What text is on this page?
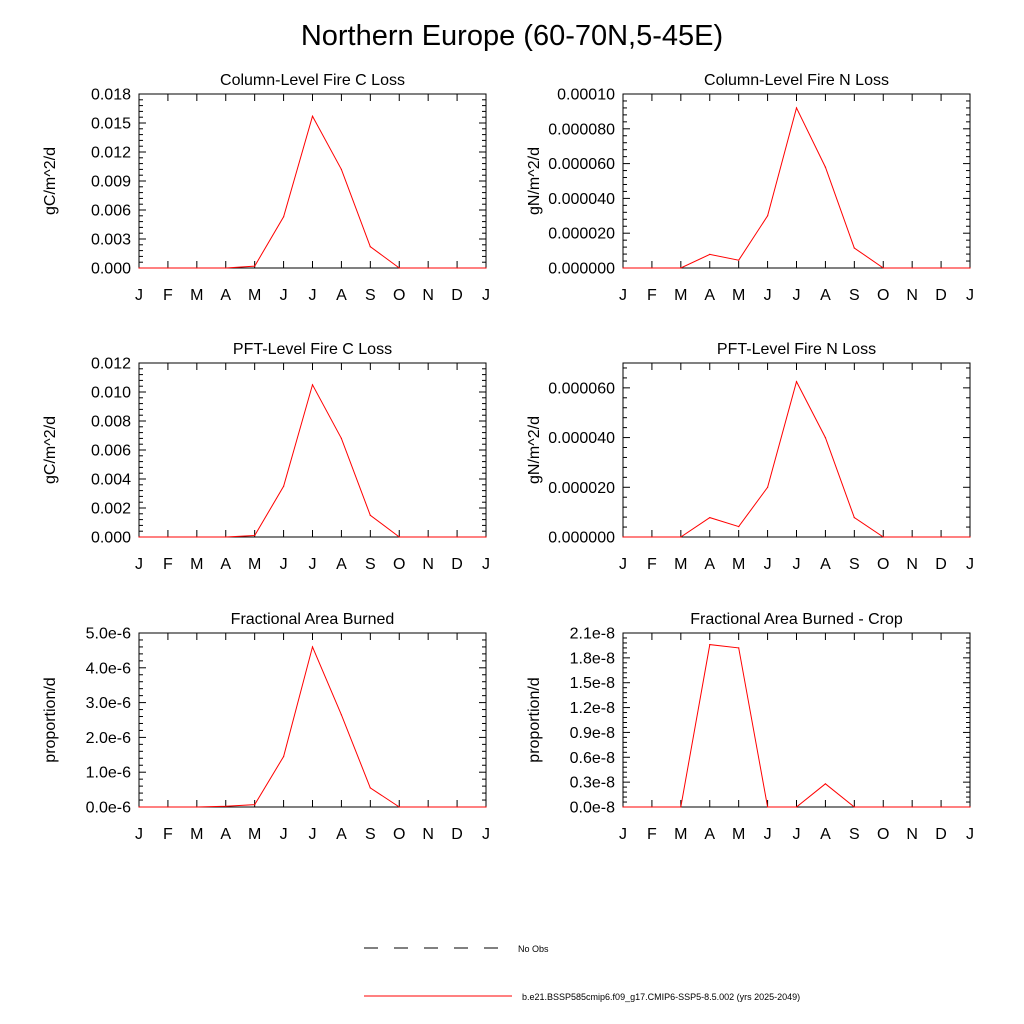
Northern Europe (60-70N,5-45E)
Column-Level Fire C Loss
gC/m^2/d
0.000
0.003
0.006
0.009
0.012
0.015
0.018
J F M A M J J A S O N D J
Column-Level Fire N Loss
gN/m^2/d
0.000000
0.000020
0.000040
0.000060
0.000080
0.00010
J F M A M J J A S O N D J
PFT-Level Fire C Loss
gC/m^2/d
0.000
0.002
0.004
0.006
0.008
0.010
0.012
J F M A M J J A S O N D J
PFT-Level Fire N Loss
gN/m^2/d
0.000000
0.000020
0.000040
0.000060
J F M A M J J A S O N D J
Fractional Area Burned
proportion/d
0.0e-6
1.0e-6
2.0e-6
3.0e-6
4.0e-6
5.0e-6
J F M A M J J A S O N D J
Fractional Area Burned - Crop
proportion/d
0.0e-8
0.3e-8
0.6e-8
0.9e-8
1.2e-8
1.5e-8
1.8e-8
2.1e-8
J F M A M J J A S O N D J
No Obs
b.e21.BSSP585cmip6.f09_g17.CMIP6-SSP5-8.5.002 (yrs 2025-2049)
